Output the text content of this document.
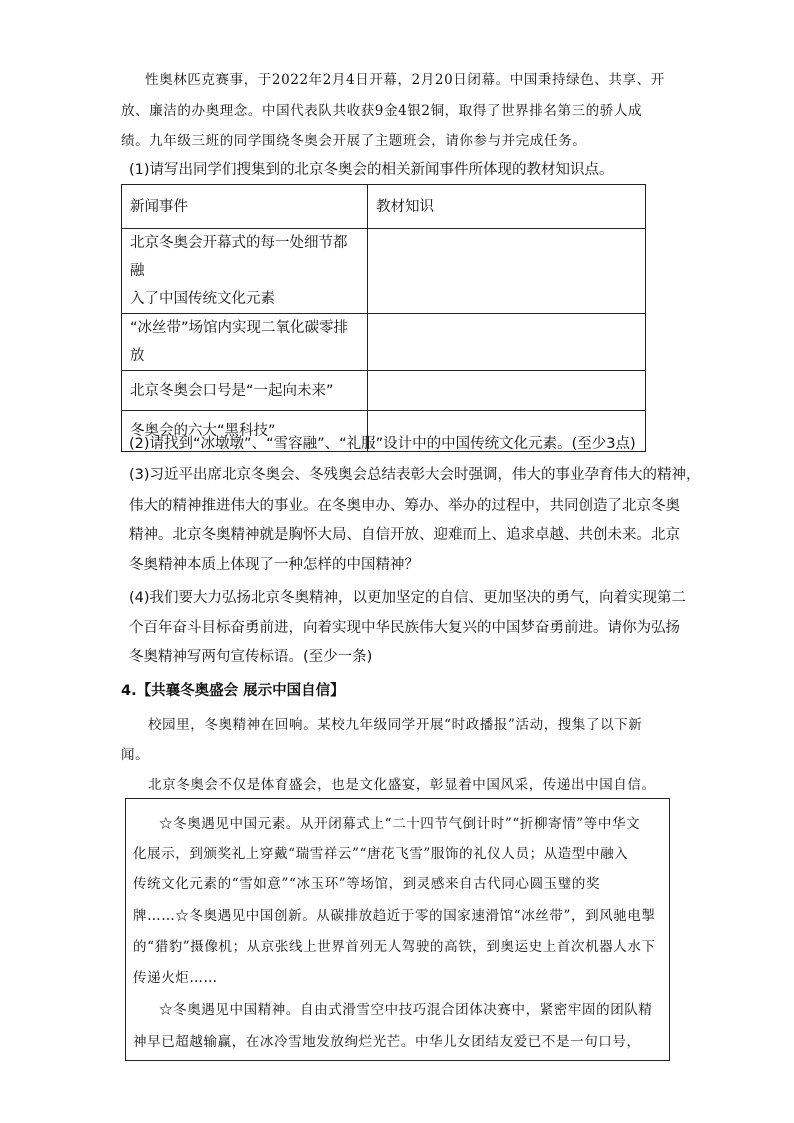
性奥林匹克赛事，于2022年2月4日开幕，2月20日闭幕。中国秉持绿色、共享、开
放、廉洁的办奥理念。中国代表队共收获9金4银2铜，取得了世界排名第三的骄人成
绩。九年级三班的同学围绕冬奥会开展了主题班会，请你参与并完成任务。
(1)请写出同学们搜集到的北京冬奥会的相关新闻事件所体现的教材知识点。
新闻事件	教材知识

北京冬奥会开幕式的每一处细节都融
入了中国传统文化元素	

“冰丝带”场馆内实现二氧化碳零排放	
北京冬奥会口号是“一起向未来”	
冬奥会的六大“黑科技”	
(2)请找到“冰墩墩”、“雪容融”、“礼服”设计中的中国传统文化元素。(至少3点)
(3)习近平出席北京冬奥会、冬残奥会总结表彰大会时强调，伟大的事业孕育伟大的精神，
伟大的精神推进伟大的事业。在冬奥申办、筹办、举办的过程中，共同创造了北京冬奥
精神。北京冬奥精神就是胸怀大局、自信开放、迎难而上、追求卓越、共创未来。北京
冬奥精神本质上体现了一种怎样的中国精神？
(4)我们要大力弘扬北京冬奥精神，以更加坚定的自信、更加坚决的勇气，向着实现第二
个百年奋斗目标奋勇前进，向着实现中华民族伟大复兴的中国梦奋勇前进。请你为弘扬
冬奥精神写两句宣传标语。(至少一条)
4.【共襄冬奥盛会 展示中国自信】
校园里，冬奥精神在回响。某校九年级同学开展“时政播报”活动，搜集了以下新
闻。
北京冬奥会不仅是体育盛会，也是文化盛宴，彰显着中国风采，传递出中国自信。
☆冬奥遇见中国元素。从开闭幕式上“二十四节气倒计时”“折柳寄情”等中华文
化展示，到颁奖礼上穿戴“瑞雪祥云”“唐花飞雪”服饰的礼仪人员；从造型中融入
传统文化元素的“雪如意”“冰玉环”等场馆，到灵感来自古代同心圆玉璧的奖
牌……☆冬奥遇见中国创新。从碳排放趋近于零的国家速滑馆“冰丝带”，到风驰电掣
的“猎豹”摄像机；从京张线上世界首列无人驾驶的高铁，到奥运史上首次机器人水下
传递火炬……
☆冬奥遇见中国精神。自由式滑雪空中技巧混合团体决赛中，紧密牢固的团队精
神早已超越输赢，在冰冷雪地发放绚烂光芒。中华儿女团结友爱已不是一句口号，
